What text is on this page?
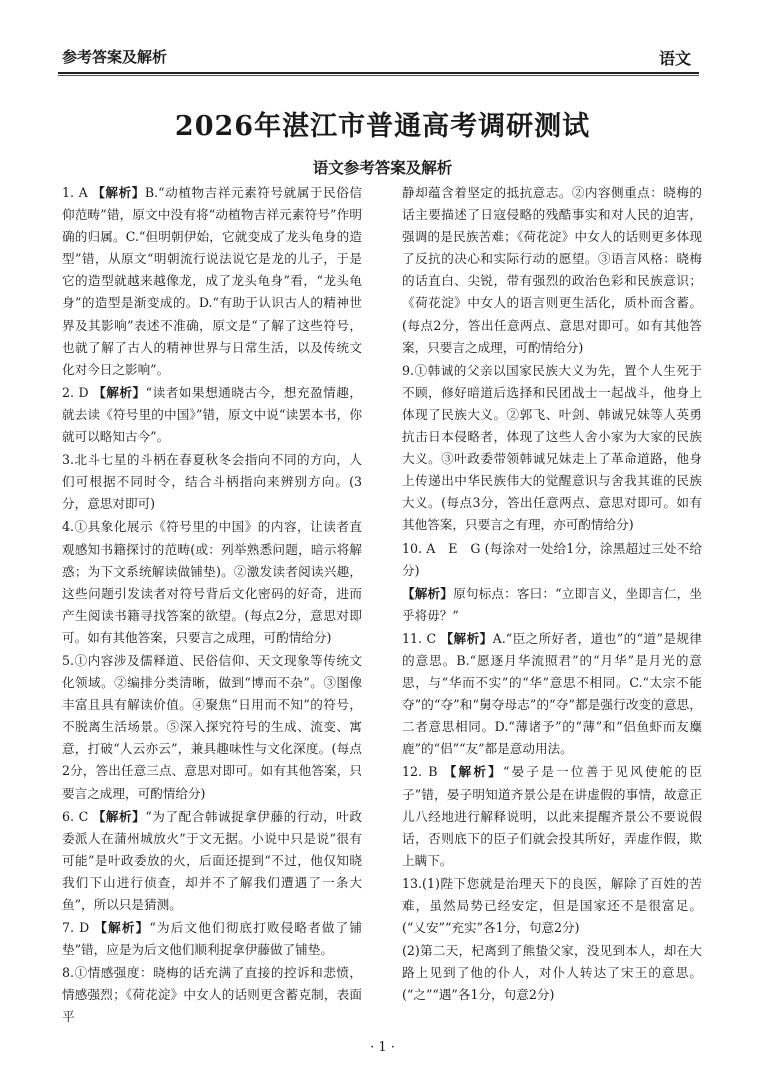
参考答案及解析	语文
2026年湛江市普通高考调研测试
语文参考答案及解析
1. A 【解析】B.“动植物吉祥元素符号就属于民俗信仰范畴”错，原文中没有将“动植物吉祥元素符号”作明确的归属。C.“但明朝伊始，它就变成了龙头龟身的造型”错，从原文“明朝流行说法说它是龙的儿子，于是它的造型就越来越像龙，成了龙头龟身”看，“龙头龟身”的造型是渐变成的。D.“有助于认识古人的精神世界及其影响”表述不准确，原文是“了解了这些符号，也就了解了古人的精神世界与日常生活，以及传统文化对今日之影响”。
2. D 【解析】“读者如果想通晓古今，想充盈情趣，就去读《符号里的中国》”错，原文中说“读罢本书，你就可以略知古今”。
3.北斗七星的斗柄在春夏秋冬会指向不同的方向，人们可根据不同时令，结合斗柄指向来辨别方向。(3分，意思对即可)
4.①具象化展示《符号里的中国》的内容，让读者直观感知书籍探讨的范畴(或：列举熟悉问题，暗示将解惑；为下文系统解读做铺垫)。②激发读者阅读兴趣，这些问题引发读者对符号背后文化密码的好奇，进而产生阅读书籍寻找答案的欲望。(每点2分，意思对即可。如有其他答案，只要言之成理，可酌情给分)
5.①内容涉及儒释道、民俗信仰、天文现象等传统文化领域。②编排分类清晰，做到“博而不杂”。③图像丰富且具有解读价值。④聚焦“日用而不知”的符号，不脱离生活场景。⑤深入探究符号的生成、流变、寓意，打破“人云亦云”，兼具趣味性与文化深度。(每点2分，答出任意三点、意思对即可。如有其他答案，只要言之成理，可酌情给分)
6. C 【解析】“为了配合韩诚捉拿伊藤的行动，叶政委派人在蒲州城放火”于文无据。小说中只是说“很有可能”是叶政委放的火，后面还提到“不过，他仅知晓我们下山进行侦查，却并不了解我们遭遇了一条大鱼”，所以只是猜测。
7. D 【解析】“为后文他们彻底打败侵略者做了铺垫”错，应是为后文他们顺利捉拿伊藤做了铺垫。
8.①情感强度：晓梅的话充满了直接的控诉和悲愤，情感强烈；《荷花淀》中女人的话则更含蓄克制，表面平
静却蕴含着坚定的抵抗意志。②内容侧重点：晓梅的话主要描述了日寇侵略的残酷事实和对人民的迫害，强调的是民族苦难；《荷花淀》中女人的话则更多体现了反抗的决心和实际行动的愿望。③语言风格：晓梅的话直白、尖锐，带有强烈的政治色彩和民族意识；《荷花淀》中女人的语言则更生活化，质朴而含蓄。(每点2分，答出任意两点、意思对即可。如有其他答案，只要言之成理，可酌情给分)
9.①韩诚的父亲以国家民族大义为先，置个人生死于不顾，修好暗道后选择和民团战士一起战斗，他身上体现了民族大义。②郭飞、叶剑、韩诚兄妹等人英勇抗击日本侵略者，体现了这些人舍小家为大家的民族大义。③叶政委带领韩诚兄妹走上了革命道路，他身上传递出中华民族伟大的觉醒意识与舍我其谁的民族大义。(每点3分，答出任意两点、意思对即可。如有其他答案，只要言之有理，亦可酌情给分)
10. A　E　G (每涂对一处给1分，涂黑超过三处不给分)
【解析】原句标点：客曰：“立即言义，坐即言仁，坐乎将毋？”
11. C 【解析】A.“臣之所好者，道也”的“道”是规律的意思。B.“愿逐月华流照君”的“月华”是月光的意思，与“华而不实”的“华”意思不相同。C.“太宗不能夺”的“夺”和“舅夺母志”的“夺”都是强行改变的意思，二者意思相同。D.“薄诸予”的“薄”和“侣鱼虾而友麋鹿”的“侣”“友”都是意动用法。
12. B 【解析】“晏子是一位善于见风使舵的臣子”错，晏子明知道齐景公是在讲虚假的事情，故意正儿八经地进行解释说明，以此来提醒齐景公不要说假话，否则底下的臣子们就会投其所好，弄虚作假，欺上瞒下。
13.(1)陛下您就是治理天下的良医，解除了百姓的苦难，虽然局势已经安定，但是国家还不是很富足。(“乂安”“充实”各1分，句意2分)
(2)第二天，杞离到了熊蛰父家，没见到本人，却在大路上见到了他的仆人，对仆人转达了宋王的意思。(“之”“遇”各1分，句意2分)
· 1 ·
